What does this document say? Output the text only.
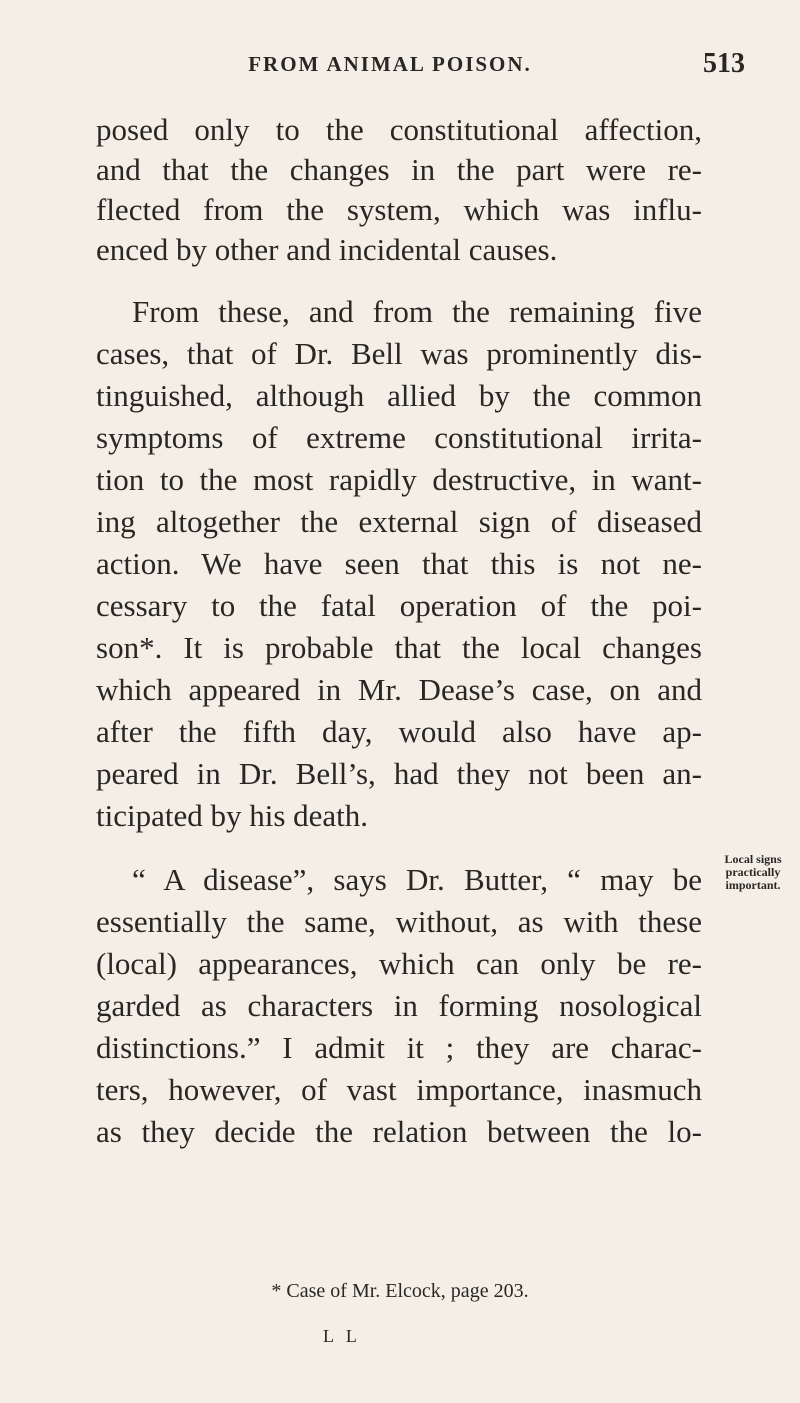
FROM ANIMAL POISON.	513
posed only to the constitutional affection,
and that the changes in the part were re-
flected from the system, which was influ-
enced by other and incidental causes.
From these, and from the remaining five
cases, that of Dr. Bell was prominently dis-
tinguished, although allied by the common
symptoms of extreme constitutional irrita-
tion to the most rapidly destructive, in want-
ing altogether the external sign of diseased
action. We have seen that this is not ne-
cessary to the fatal operation of the poi-
son*. It is probable that the local changes
which appeared in Mr. Dease’s case, on and
after the fifth day, would also have ap-
peared in Dr. Bell’s, had they not been an-
ticipated by his death.
“ A disease”, says Dr. Butter, “ may be
essentially the same, without, as with these
(local) appearances, which can only be re-
garded as characters in forming nosological
distinctions.” I admit it ; they are charac-
ters, however, of vast importance, inasmuch
as they decide the relation between the lo-
Local signs
practically
important.
* Case of Mr. Elcock, page 203.
L L
